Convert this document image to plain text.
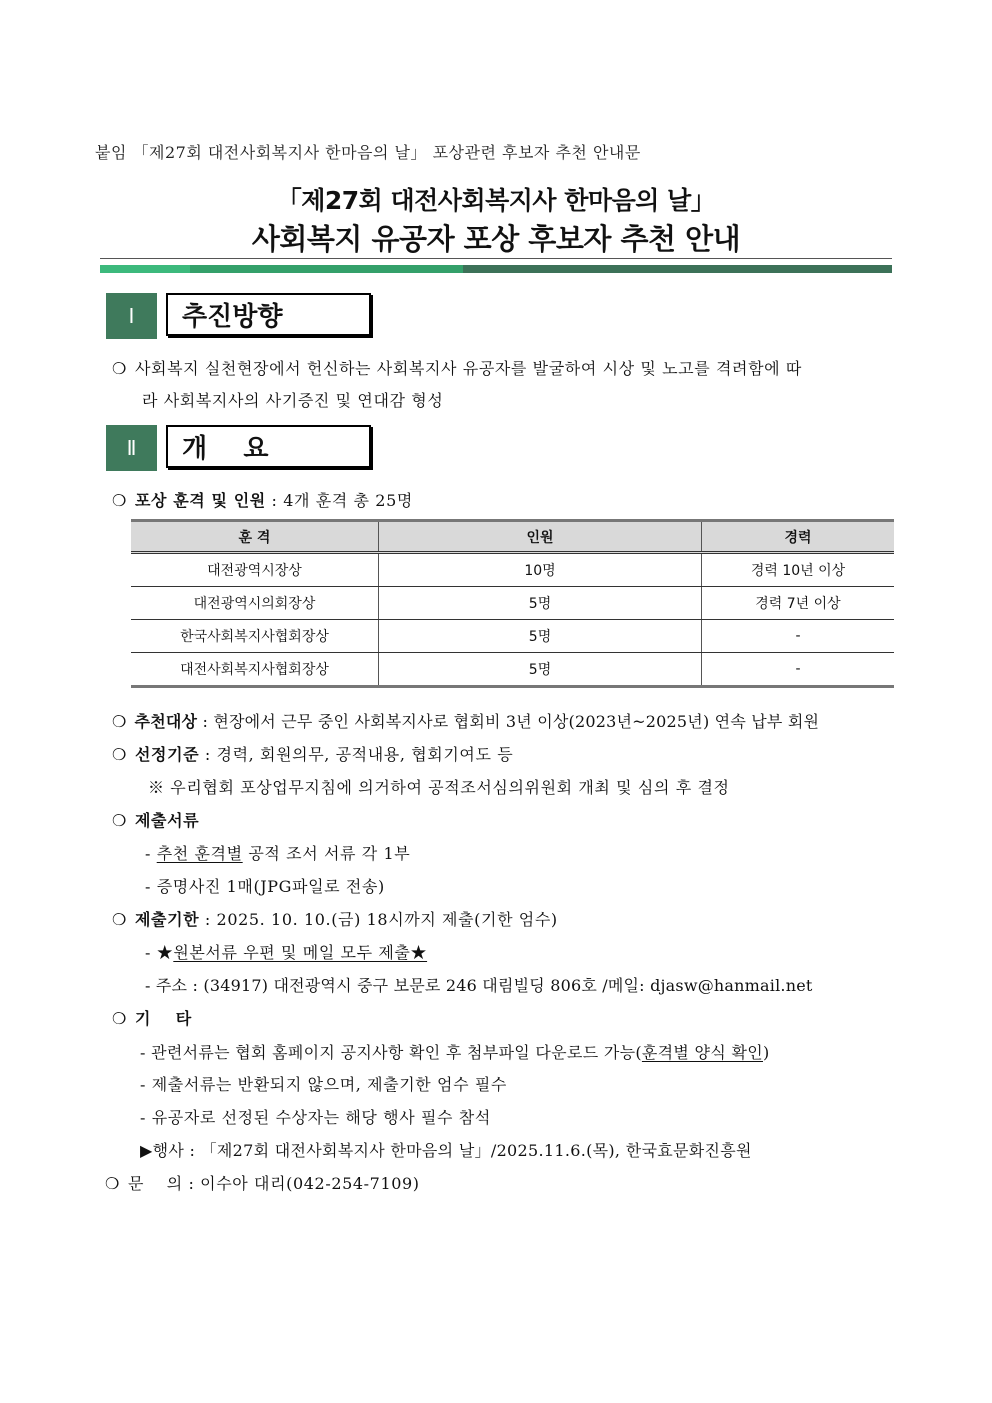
붙임 「제27회 대전사회복지사 한마음의 날」 포상관련 후보자 추천 안내문
「제27회 대전사회복지사 한마음의 날」
사회복지 유공자 포상 후보자 추천 안내
Ⅰ	추진방향
❍ 사회복지 실천현장에서 헌신하는 사회복지사 유공자를 발굴하여 시상 및 노고를 격려함에 따
라 사회복지사의 사기증진 및 연대감 형성
Ⅱ	개    요
❍ 포상 훈격 및 인원 : 4개 훈격 총 25명
훈 격	인원	경력
대전광역시장상	10명	경력 10년 이상
대전광역시의회장상	5명	경력 7년 이상
한국사회복지사협회장상	5명	-
대전사회복지사협회장상	5명	-
❍ 추천대상 : 현장에서 근무 중인 사회복지사로 협회비 3년 이상(2023년~2025년) 연속 납부 회원
❍ 선정기준 : 경력, 회원의무, 공적내용, 협회기여도 등
※ 우리협회 포상업무지침에 의거하여 공적조서심의위원회 개최 및 심의 후 결정
❍ 제출서류
- 추천 훈격별 공적 조서 서류 각 1부
- 증명사진 1매(JPG파일로 전송)
❍ 제출기한 : 2025. 10. 10.(금) 18시까지 제출(기한 엄수)
- ★원본서류 우편 및 메일 모두 제출★
- 주소 : (34917) 대전광역시 중구 보문로 246 대림빌딩 806호 /메일: djasw@hanmail.net
❍ 기    타
- 관련서류는 협회 홈페이지 공지사항 확인 후 첨부파일 다운로드 가능(훈격별 양식 확인)
- 제출서류는 반환되지 않으며, 제출기한 엄수 필수
- 유공자로 선정된 수상자는 해당 행사 필수 참석
▶행사 : 「제27회 대전사회복지사 한마음의 날」/2025.11.6.(목), 한국효문화진흥원
❍ 문    의 : 이수아 대리(042-254-7109)
